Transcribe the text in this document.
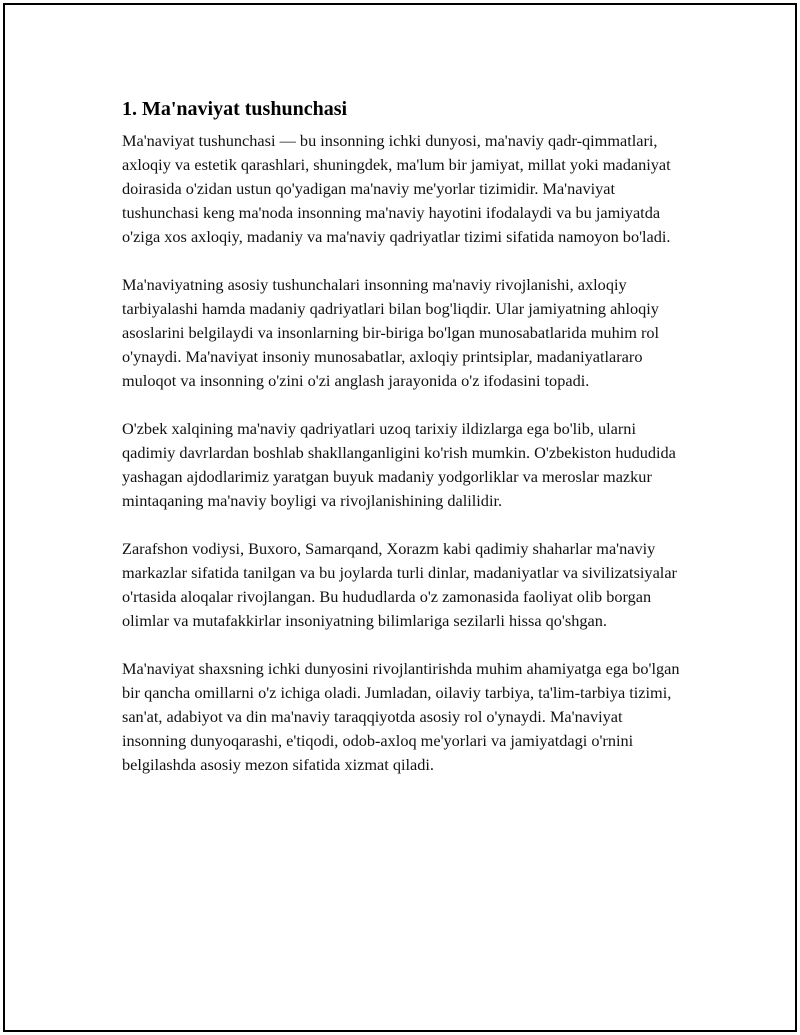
1. Ma'naviyat tushunchasi

Ma'naviyat tushunchasi — bu insonning ichki dunyosi, ma'naviy qadr-qimmatlari, axloqiy va estetik qarashlari, shuningdek, ma'lum bir jamiyat, millat yoki madaniyat doirasida o'zidan ustun qo'yadigan ma'naviy me'yorlar tizimidir. Ma'naviyat tushunchasi keng ma'noda insonning ma'naviy hayotini ifodalaydi va bu jamiyatda o'ziga xos axloqiy, madaniy va ma'naviy qadriyatlar tizimi sifatida namoyon bo'ladi.

Ma'naviyatning asosiy tushunchalari insonning ma'naviy rivojlanishi, axloqiy tarbiyalashi hamda madaniy qadriyatlari bilan bog'liqdir. Ular jamiyatning ahloqiy asoslarini belgilaydi va insonlarning bir-biriga bo'lgan munosabatlarida muhim rol o'ynaydi. Ma'naviyat insoniy munosabatlar, axloqiy printsiplar, madaniyatlararo muloqot va insonning o'zini o'zi anglash jarayonida o'z ifodasini topadi.

O'zbek xalqining ma'naviy qadriyatlari uzoq tarixiy ildizlarga ega bo'lib, ularni qadimiy davrlardan boshlab shakllanganligini ko'rish mumkin. O'zbekiston hududida yashagan ajdodlarimiz yaratgan buyuk madaniy yodgorliklar va meroslar mazkur mintaqaning ma'naviy boyligi va rivojlanishining dalilidir.

Zarafshon vodiysi, Buxoro, Samarqand, Xorazm kabi qadimiy shaharlar ma'naviy markazlar sifatida tanilgan va bu joylarda turli dinlar, madaniyatlar va sivilizatsiyalar o'rtasida aloqalar rivojlangan. Bu hududlarda o'z zamonasida faoliyat olib borgan olimlar va mutafakkirlar insoniyatning bilimlariga sezilarli hissa qo'shgan.

Ma'naviyat shaxsning ichki dunyosini rivojlantirishda muhim ahamiyatga ega bo'lgan bir qancha omillarni o'z ichiga oladi. Jumladan, oilaviy tarbiya, ta'lim-tarbiya tizimi, san'at, adabiyot va din ma'naviy taraqqiyotda asosiy rol o'ynaydi. Ma'naviyat insonning dunyoqarashi, e'tiqodi, odob-axloq me'yorlari va jamiyatdagi o'rnini belgilashda asosiy mezon sifatida xizmat qiladi.
